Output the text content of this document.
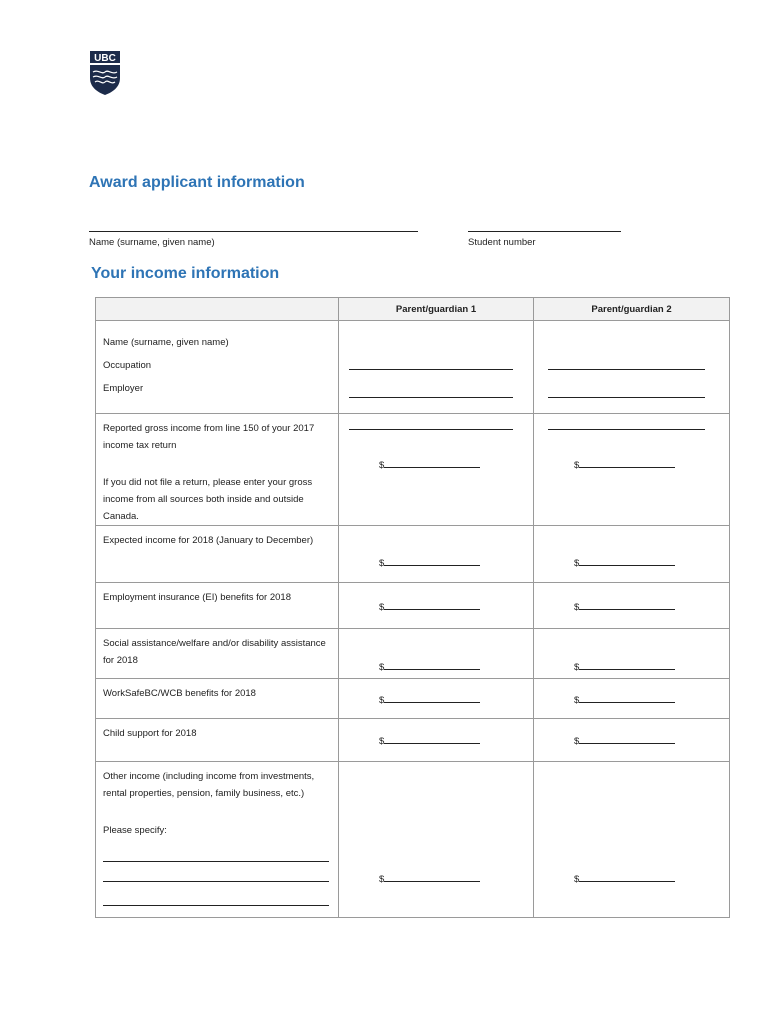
UBC
Award applicant information
Name (surname, given name)	Student number
Your income information
	Parent/guardian 1	Parent/guardian 2

Name (surname, given name)
Occupation
Employer		

Reported gross income from line 150 of your 2017 income tax return
If you did not file a return, please enter your gross income from all sources both inside and outside Canada.	$	$

Expected income for 2018 (January to December)	$	$

Employment insurance (EI) benefits for 2018	$	$

Social assistance/welfare and/or disability assistance for 2018	$	$

WorkSafeBC/WCB benefits for 2018	$	$

Child support for 2018	$	$

Other income (including income from investments, rental properties, pension, family business, etc.)
Please specify:	$	$
